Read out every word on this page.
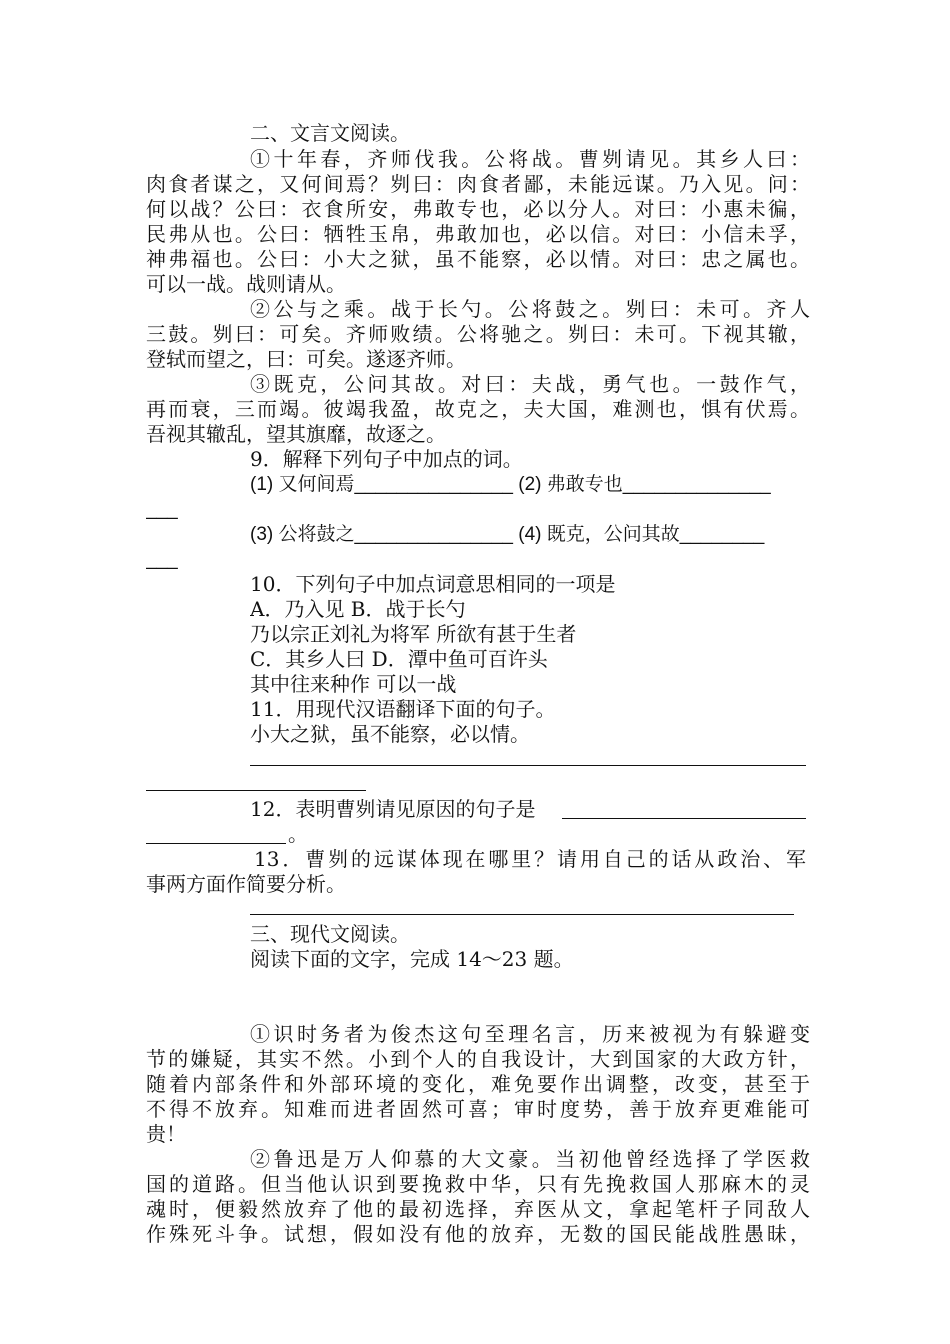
二、文言文阅读。
①十年春，齐师伐我。公将战。曹刿请见。其乡人曰：
肉食者谋之，又何间焉？刿曰：肉食者鄙，未能远谋。乃入见。问：
何以战？公曰：衣食所安，弗敢专也，必以分人。对曰：小惠未徧，
民弗从也。公曰：牺牲玉帛，弗敢加也，必以信。对曰：小信未孚，
神弗福也。公曰：小大之狱，虽不能察，必以情。对曰：忠之属也。
可以一战。战则请从。
②公与之乘。战于长勺。公将鼓之。刿曰：未可。齐人
三鼓。刿曰：可矣。齐师败绩。公将驰之。刿曰：未可。下视其辙，
登轼而望之，曰：可矣。遂逐齐师。
③既克，公问其故。对曰：夫战，勇气也。一鼓作气，
再而衰，三而竭。彼竭我盈，故克之，夫大国，难测也，惧有伏焉。
吾视其辙乱，望其旗靡，故逐之。
9．解释下列句子中加点的词。
(1) 又何间焉_______________ (2) 弗敢专也______________
___
(3) 公将鼓之_______________ (4) 既克，公问其故________
___
10．下列句子中加点词意思相同的一项是
A．乃入见 B．战于长勺
乃以宗正刘礼为将军 所欲有甚于生者
C．其乡人曰 D．潭中鱼可百许头
其中往来种作 可以一战
11．用现代汉语翻译下面的句子。
小大之狱，虽不能察，必以情。
12．表明曹刿请见原因的句子是
。
13．曹刿的远谋体现在哪里？请用自己的话从政治、军
事两方面作简要分析。
三、现代文阅读。
阅读下面的文字，完成 14～23 题。
①识时务者为俊杰这句至理名言，历来被视为有躲避变
节的嫌疑，其实不然。小到个人的自我设计，大到国家的大政方针，
随着内部条件和外部环境的变化，难免要作出调整，改变，甚至于
不得不放弃。知难而进者固然可喜；审时度势，善于放弃更难能可
贵！
②鲁迅是万人仰慕的大文豪。当初他曾经选择了学医救
国的道路。但当他认识到要挽救中华，只有先挽救国人那麻木的灵
魂时，便毅然放弃了他的最初选择，弃医从文，拿起笔杆子同敌人
作殊死斗争。试想，假如没有他的放弃，无数的国民能战胜愚昧，
